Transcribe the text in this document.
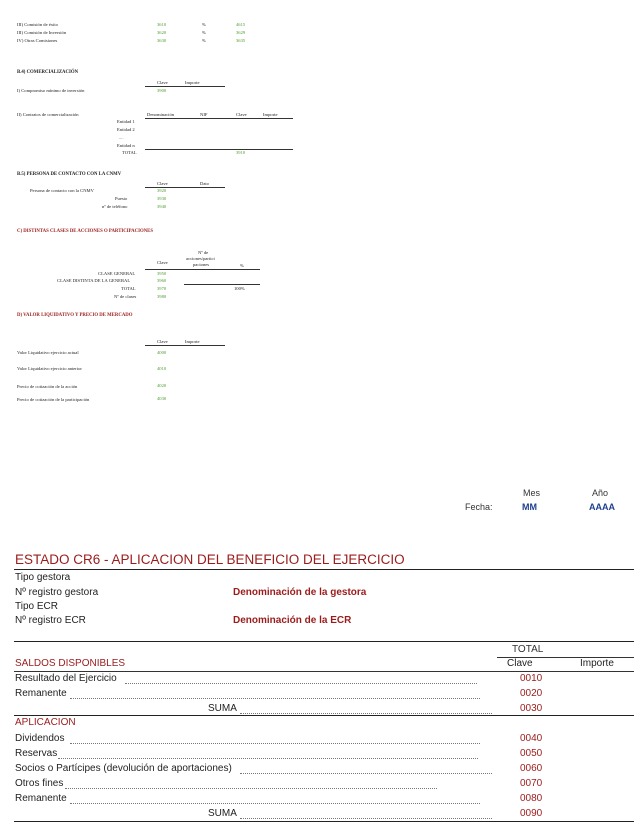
III) Comisión de éxito	3610	%	4615
III) Comisión de Inversión	3620	%	3629
IV) Otras Comisiones	3630	%	3635
B.4) COMERCIALIZACIÓN
Clave	Importe
I) Compromiso mínimo de inversión	3900
II) Contratos de comercialización	Denominación	NIF	Clave	Importe
Entidad 1
Entidad 2
....
Entidad n
TOTAL	3910
B.5) PERSONA DE CONTACTO CON LA CNMV
Clave	Dato
Persona de contacto con la CNMV	3920
Puesto	3930
nº de teléfono	3940
C) DISTINTAS CLASES DE ACCIONES O PARTICIPACIONES
Nº de
acciones/partici
paciones
Clave
%
CLASE GENERAL	3950
CLASE DISTINTA DE LA GENERAL	3960
TOTAL	3970	100%
Nº de clases	3980
D) VALOR LIQUIDATIVO Y PRECIO DE MERCADO
Clave	Importe
Valor Liquidativo ejercicio actual	4000
Valor Liquidativo ejercicio anterior	4010
Precio de cotización de la acción	4020
Precio de cotización de la participación	4030
Mes	Año
Fecha:	MM	AAAA
ESTADO CR6 - APLICACION DEL BENEFICIO DEL EJERCICIO
Tipo gestora
Nº registro gestora	Denominación de la gestora
Tipo ECR
Nº registro ECR	Denominación de la ECR
TOTAL
SALDOS DISPONIBLES	Clave	Importe
Resultado del Ejercicio	0010
Remanente	0020
SUMA	0030
APLICACION
Dividendos	0040
Reservas	0050
Socios o Partícipes (devolución de aportaciones)	0060
Otros fines	0070
Remanente	0080
SUMA	0090
